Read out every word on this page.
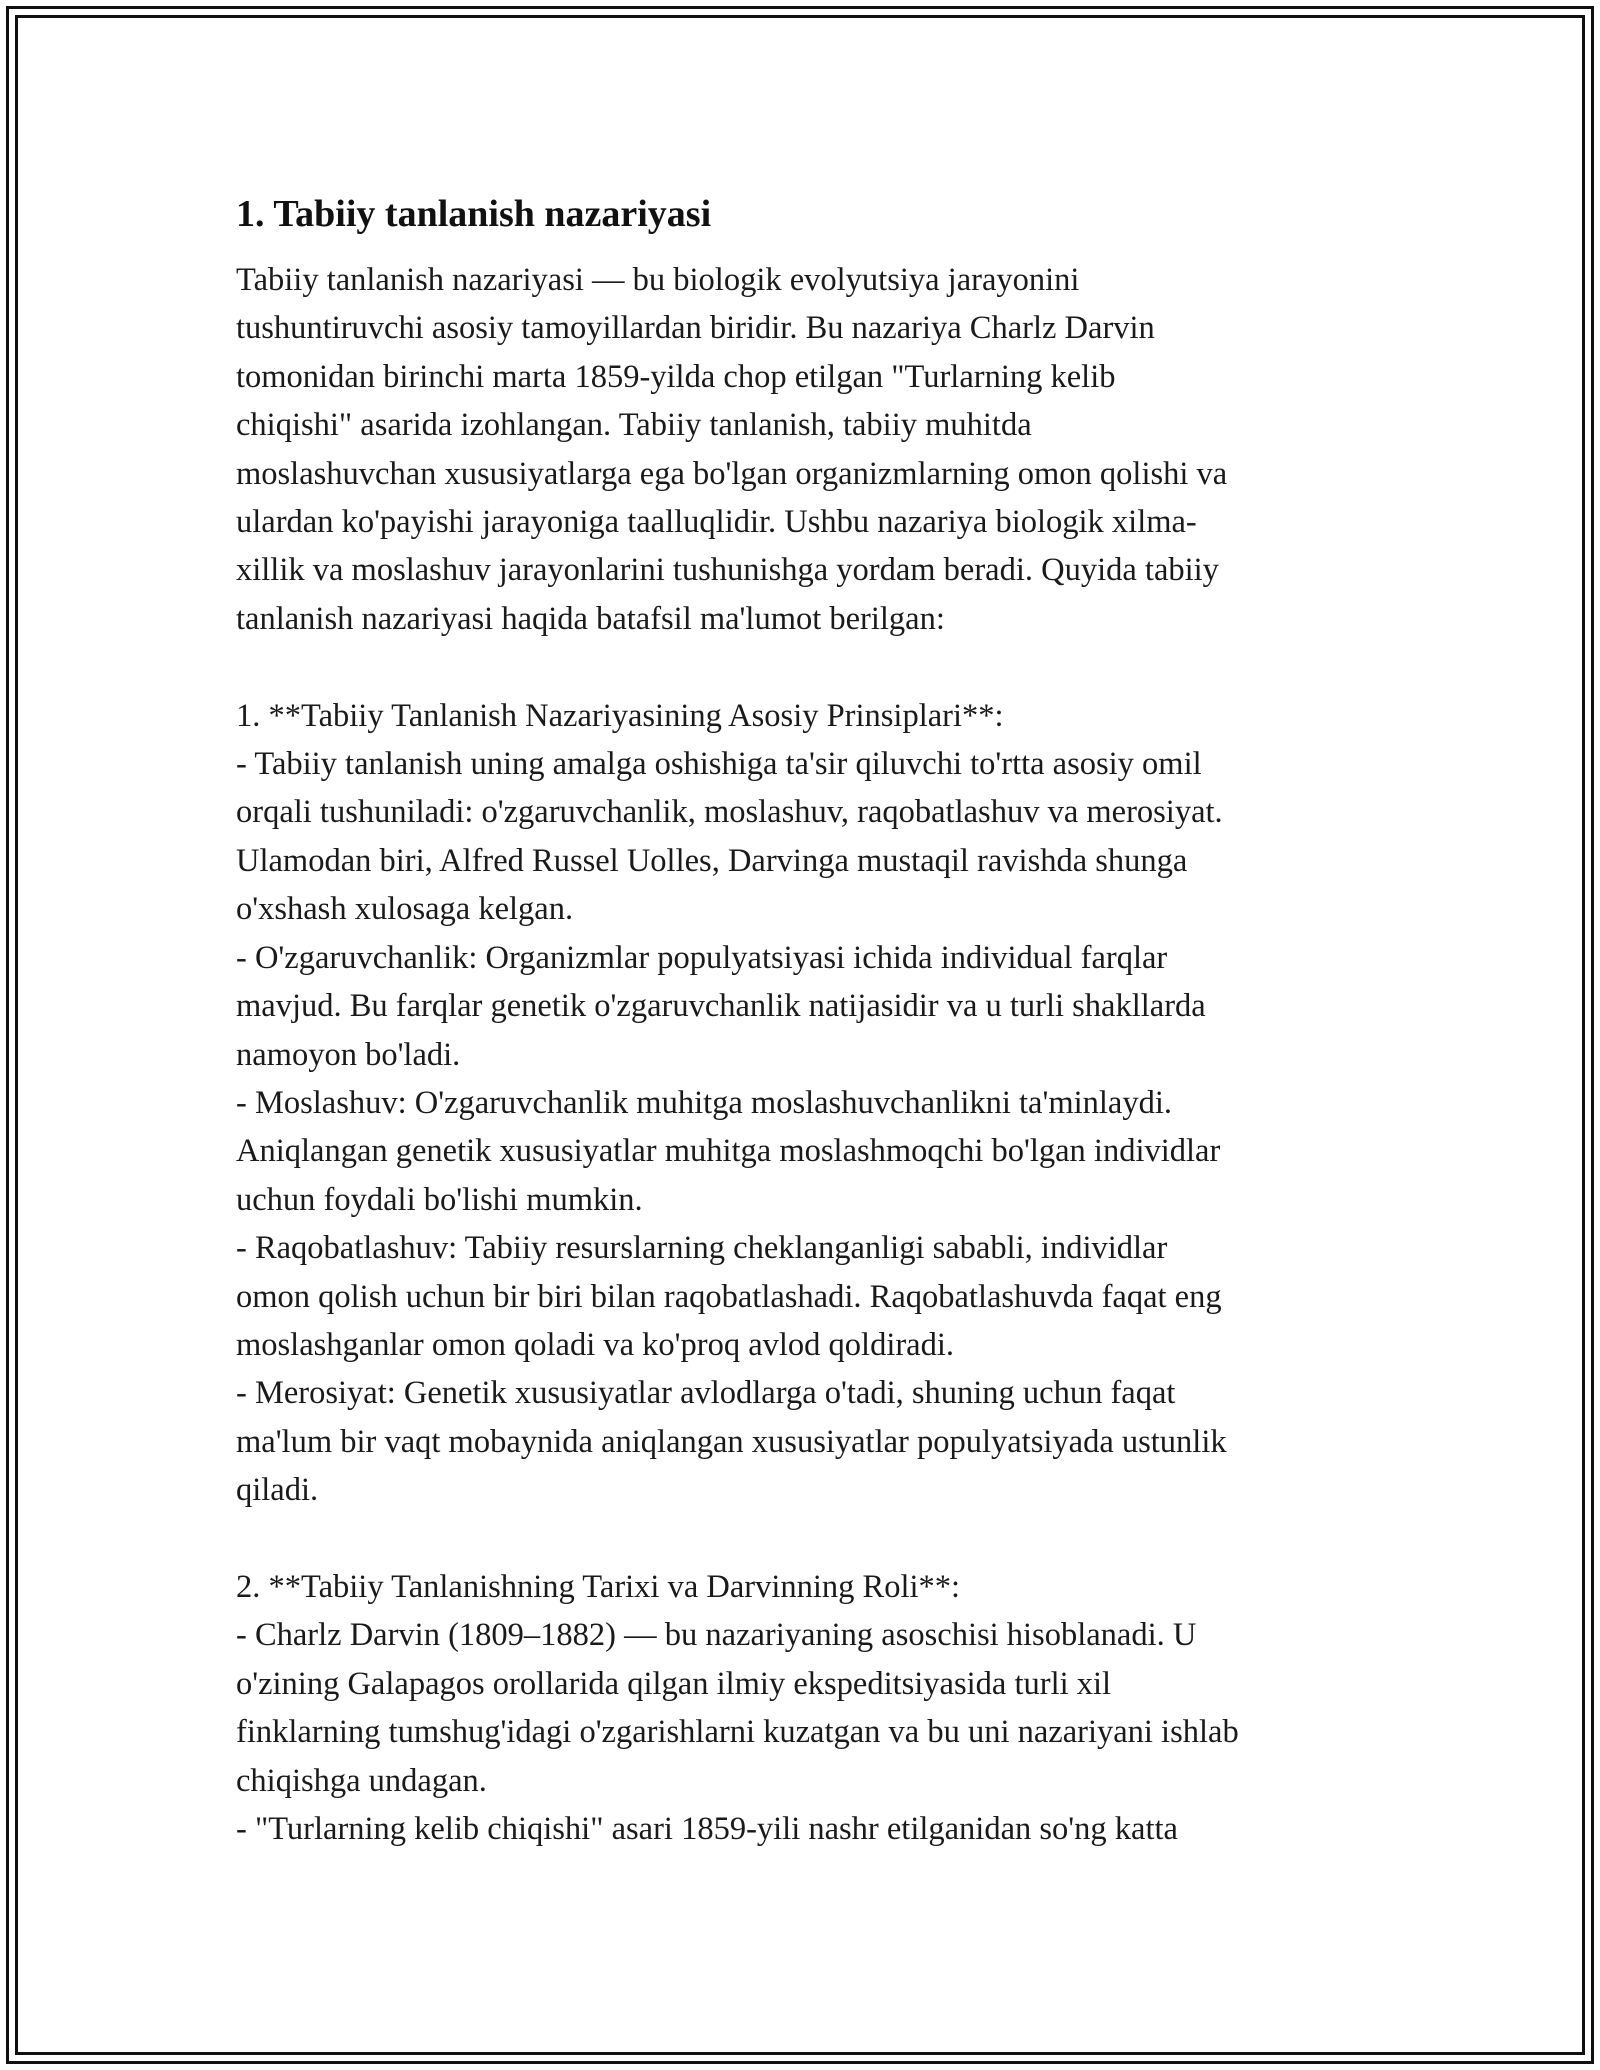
1. Tabiiy tanlanish nazariyasi
Tabiiy tanlanish nazariyasi — bu biologik evolyutsiya jarayonini
tushuntiruvchi asosiy tamoyillardan biridir. Bu nazariya Charlz Darvin
tomonidan birinchi marta 1859-yilda chop etilgan "Turlarning kelib
chiqishi" asarida izohlangan. Tabiiy tanlanish, tabiiy muhitda
moslashuvchan xususiyatlarga ega bo'lgan organizmlarning omon qolishi va
ulardan ko'payishi jarayoniga taalluqlidir. Ushbu nazariya biologik xilma-
xillik va moslashuv jarayonlarini tushunishga yordam beradi. Quyida tabiiy
tanlanish nazariyasi haqida batafsil ma'lumot berilgan:

1. **Tabiiy Tanlanish Nazariyasining Asosiy Prinsiplari**:
- Tabiiy tanlanish uning amalga oshishiga ta'sir qiluvchi to'rtta asosiy omil
orqali tushuniladi: o'zgaruvchanlik, moslashuv, raqobatlashuv va merosiyat.
Ulamodan biri, Alfred Russel Uolles, Darvinga mustaqil ravishda shunga
o'xshash xulosaga kelgan.
- O'zgaruvchanlik: Organizmlar populyatsiyasi ichida individual farqlar
mavjud. Bu farqlar genetik o'zgaruvchanlik natijasidir va u turli shakllarda
namoyon bo'ladi.
- Moslashuv: O'zgaruvchanlik muhitga moslashuvchanlikni ta'minlaydi.
Aniqlangan genetik xususiyatlar muhitga moslashmoqchi bo'lgan individlar
uchun foydali bo'lishi mumkin.
- Raqobatlashuv: Tabiiy resurslarning cheklanganligi sababli, individlar
omon qolish uchun bir biri bilan raqobatlashadi. Raqobatlashuvda faqat eng
moslashganlar omon qoladi va ko'proq avlod qoldiradi.
- Merosiyat: Genetik xususiyatlar avlodlarga o'tadi, shuning uchun faqat
ma'lum bir vaqt mobaynida aniqlangan xususiyatlar populyatsiyada ustunlik
qiladi.

2. **Tabiiy Tanlanishning Tarixi va Darvinning Roli**:
- Charlz Darvin (1809–1882) — bu nazariyaning asoschisi hisoblanadi. U
o'zining Galapagos orollarida qilgan ilmiy ekspeditsiyasida turli xil
finklarning tumshug'idagi o'zgarishlarni kuzatgan va bu uni nazariyani ishlab
chiqishga undagan.
- "Turlarning kelib chiqishi" asari 1859-yili nashr etilganidan so'ng katta
